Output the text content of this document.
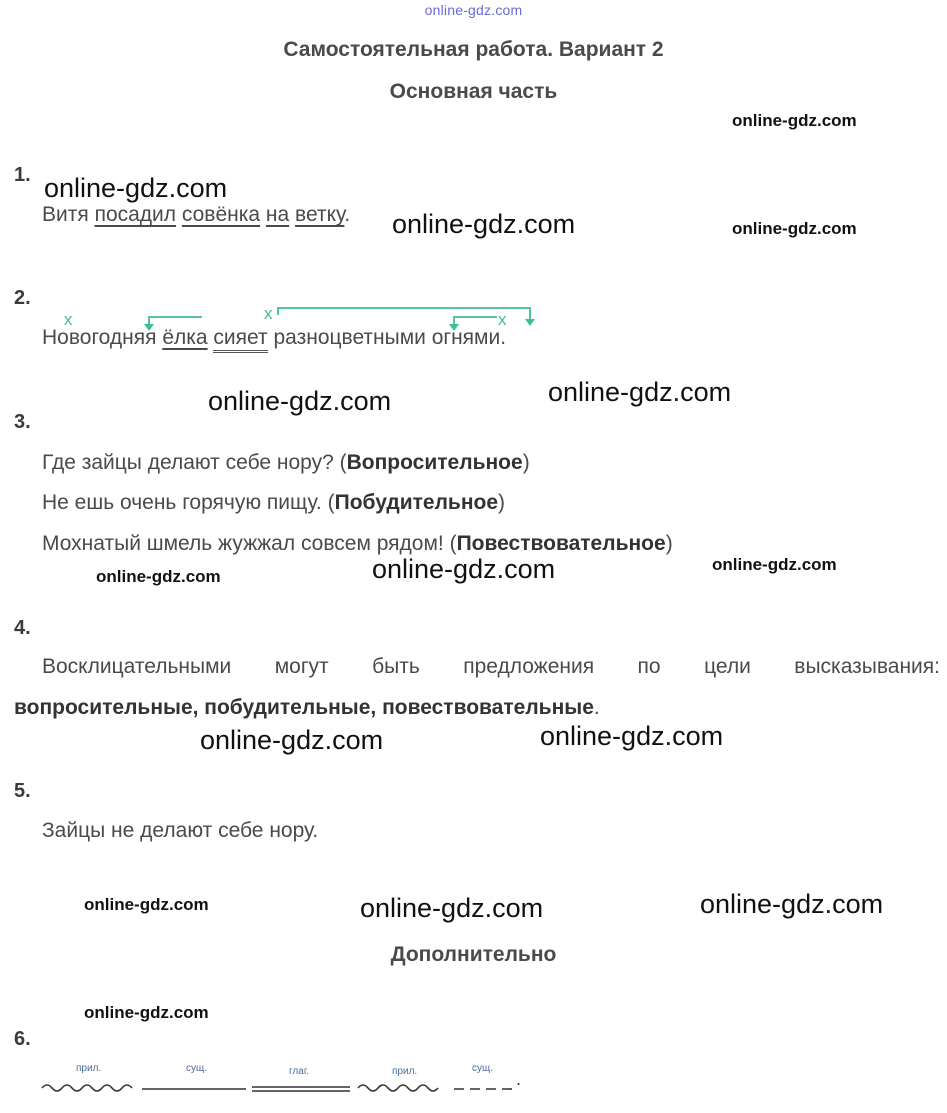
online-gdz.com
Самостоятельная работа. Вариант 2
Основная часть
online-gdz.com
online-gdz.com
online-gdz.com	online-gdz.com
online-gdz.com
online-gdz.com
online-gdz.com
online-gdz.com
online-gdz.com
online-gdz.com
online-gdz.com
online-gdz.com	online-gdz.com	online-gdz.com
online-gdz.com
1.
Витя посадил совёнка на ветку.
2.
х	х	х
Новогодняя ёлка сияет разноцветными огнями.
3.
Где зайцы делают себе нору? (Вопросительное)
Не ешь очень горячую пищу. (Побудительное)
Мохнатый шмель жужжал совсем рядом! (Повествовательное)
4.
Восклицательными могут быть предложения по цели высказывания:
вопросительные, побудительные, повествовательные.
5.
Зайцы не делают себе нору.
Дополнительно
6.
прил.	сущ.	глаг.	прил.	сущ.
.
